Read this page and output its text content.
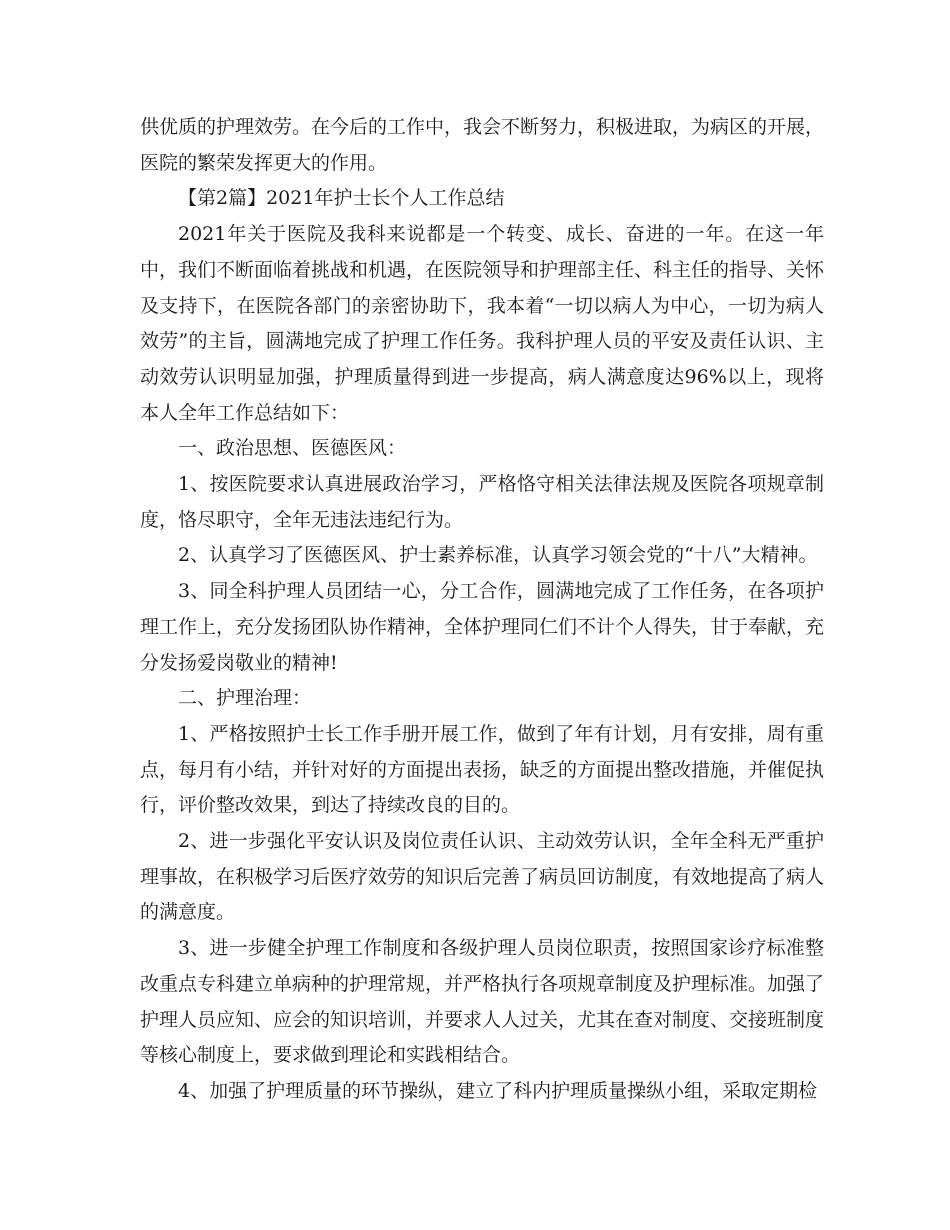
供优质的护理效劳。在今后的工作中，我会不断努力，积极进取，为病区的开展，医院的繁荣发挥更大的作用。

【第2篇】2021年护士长个人工作总结

2021年关于医院及我科来说都是一个转变、成长、奋进的一年。在这一年中，我们不断面临着挑战和机遇，在医院领导和护理部主任、科主任的指导、关怀及支持下，在医院各部门的亲密协助下，我本着“一切以病人为中心，一切为病人效劳”的主旨，圆满地完成了护理工作任务。我科护理人员的平安及责任认识、主动效劳认识明显加强，护理质量得到进一步提高，病人满意度达96%以上，现将本人全年工作总结如下：

一、政治思想、医德医风：

1、按医院要求认真进展政治学习，严格恪守相关法律法规及医院各项规章制度，恪尽职守，全年无违法违纪行为。

2、认真学习了医德医风、护士素养标准，认真学习领会党的“十八”大精神。

3、同全科护理人员团结一心，分工合作，圆满地完成了工作任务，在各项护理工作上，充分发扬团队协作精神，全体护理同仁们不计个人得失，甘于奉献，充分发扬爱岗敬业的精神!

二、护理治理：

1、严格按照护士长工作手册开展工作，做到了年有计划，月有安排，周有重点，每月有小结，并针对好的方面提出表扬，缺乏的方面提出整改措施，并催促执行，评价整改效果，到达了持续改良的目的。

2、进一步强化平安认识及岗位责任认识、主动效劳认识，全年全科无严重护理事故，在积极学习后医疗效劳的知识后完善了病员回访制度，有效地提高了病人的满意度。

3、进一步健全护理工作制度和各级护理人员岗位职责，按照国家诊疗标准整改重点专科建立单病种的护理常规，并严格执行各项规章制度及护理标准。加强了护理人员应知、应会的知识培训，并要求人人过关，尤其在查对制度、交接班制度等核心制度上，要求做到理论和实践相结合。

4、加强了护理质量的环节操纵，建立了科内护理质量操纵小组，采取定期检
